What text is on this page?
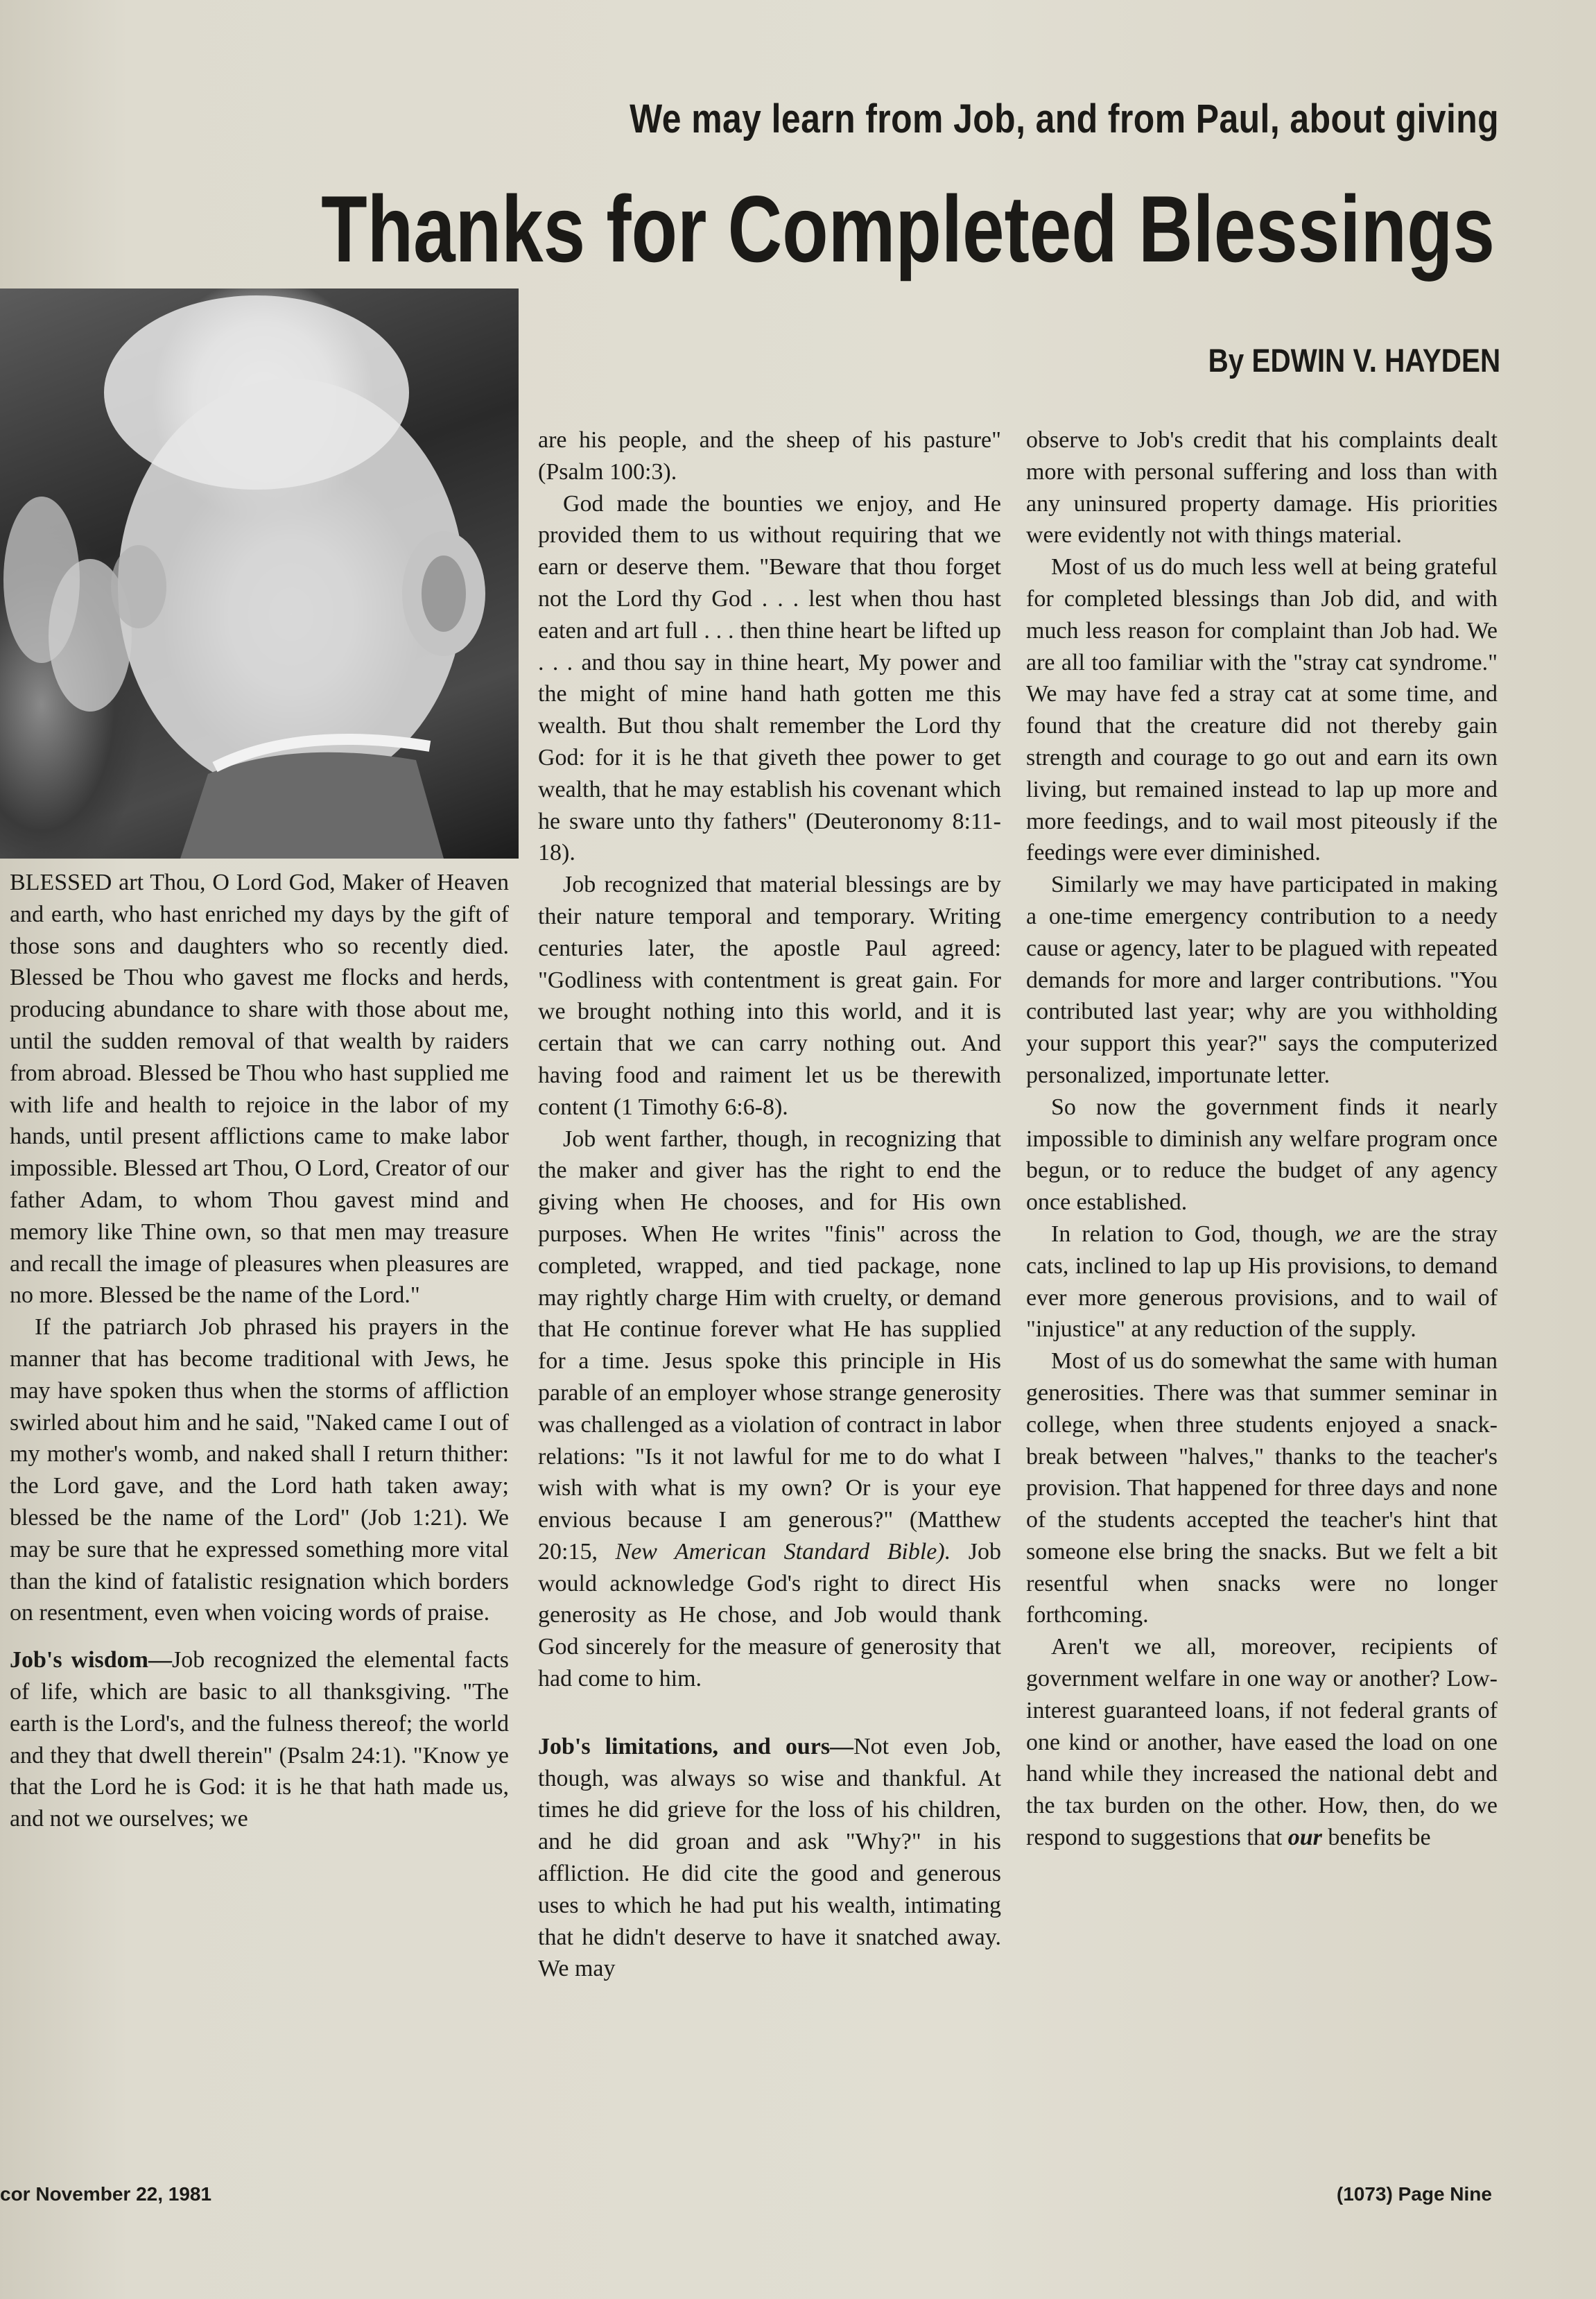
We may learn from Job, and from Paul, about giving
Thanks for Completed Blessings
By EDWIN V. HAYDEN

BLESSED art Thou, O Lord God, Maker of Heaven and earth, who hast enriched my days by the gift of those sons and daughters who so recently died. Blessed be Thou who gavest me flocks and herds, producing abundance to share with those about me, until the sudden removal of that wealth by raiders from abroad. Blessed be Thou who hast supplied me with life and health to rejoice in the labor of my hands, until present afflictions came to make labor impossible. Blessed art Thou, O Lord, Creator of our father Adam, to whom Thou gavest mind and memory like Thine own, so that men may treasure and recall the image of pleasures when pleasures are no more. Blessed be the name of the Lord."

If the patriarch Job phrased his prayers in the manner that has become traditional with Jews, he may have spoken thus when the storms of affliction swirled about him and he said, "Naked came I out of my mother's womb, and naked shall I return thither: the Lord gave, and the Lord hath taken away; blessed be the name of the Lord" (Job 1:21). We may be sure that he expressed something more vital than the kind of fatalistic resignation which borders on resentment, even when voicing words of praise.

Job's wisdom—Job recognized the elemental facts of life, which are basic to all thanksgiving. "The earth is the Lord's, and the fulness thereof; the world and they that dwell therein" (Psalm 24:1). "Know ye that the Lord he is God: it is he that hath made us, and not we ourselves; we

are his people, and the sheep of his pasture" (Psalm 100:3).

God made the bounties we enjoy, and He provided them to us without requiring that we earn or deserve them. "Beware that thou forget not the Lord thy God . . . lest when thou hast eaten and art full . . . then thine heart be lifted up . . . and thou say in thine heart, My power and the might of mine hand hath gotten me this wealth. But thou shalt remember the Lord thy God: for it is he that giveth thee power to get wealth, that he may establish his covenant which he sware unto thy fathers" (Deuteronomy 8:11-18).

Job recognized that material blessings are by their nature temporal and temporary. Writing centuries later, the apostle Paul agreed: "Godliness with contentment is great gain. For we brought nothing into this world, and it is certain that we can carry nothing out. And having food and raiment let us be therewith content (1 Timothy 6:6-8).

Job went farther, though, in recognizing that the maker and giver has the right to end the giving when He chooses, and for His own purposes. When He writes "finis" across the completed, wrapped, and tied package, none may rightly charge Him with cruelty, or demand that He continue forever what He has supplied for a time. Jesus spoke this principle in His parable of an employer whose strange generosity was challenged as a violation of contract in labor relations: "Is it not lawful for me to do what I wish with what is my own? Or is your eye envious because I am generous?" (Matthew 20:15, New American Standard Bible). Job would acknowledge God's right to direct His generosity as He chose, and Job would thank God sincerely for the measure of generosity that had come to him.

Job's limitations, and ours—Not even Job, though, was always so wise and thankful. At times he did grieve for the loss of his children, and he did groan and ask "Why?" in his affliction. He did cite the good and generous uses to which he had put his wealth, intimating that he didn't deserve to have it snatched away. We may

observe to Job's credit that his complaints dealt more with personal suffering and loss than with any uninsured property damage. His priorities were evidently not with things material.

Most of us do much less well at being grateful for completed blessings than Job did, and with much less reason for complaint than Job had. We are all too familiar with the "stray cat syndrome." We may have fed a stray cat at some time, and found that the creature did not thereby gain strength and courage to go out and earn its own living, but remained instead to lap up more and more feedings, and to wail most piteously if the feedings were ever diminished.

Similarly we may have participated in making a one-time emergency contribution to a needy cause or agency, later to be plagued with repeated demands for more and larger contributions. "You contributed last year; why are you withholding your support this year?" says the computerized personalized, importunate letter.

So now the government finds it nearly impossible to diminish any welfare program once begun, or to reduce the budget of any agency once established.

In relation to God, though, we are the stray cats, inclined to lap up His provisions, to demand ever more generous provisions, and to wail of "injustice" at any reduction of the supply.

Most of us do somewhat the same with human generosities. There was that summer seminar in college, when three students enjoyed a snack-break between "halves," thanks to the teacher's provision. That happened for three days and none of the students accepted the teacher's hint that someone else bring the snacks. But we felt a bit resentful when snacks were no longer forthcoming.

Aren't we all, moreover, recipients of government welfare in one way or another? Low-interest guaranteed loans, if not federal grants of one kind or another, have eased the load on one hand while they increased the national debt and the tax burden on the other. How, then, do we respond to suggestions that our benefits be

cor November 22, 1981	(1073) Page Nine
